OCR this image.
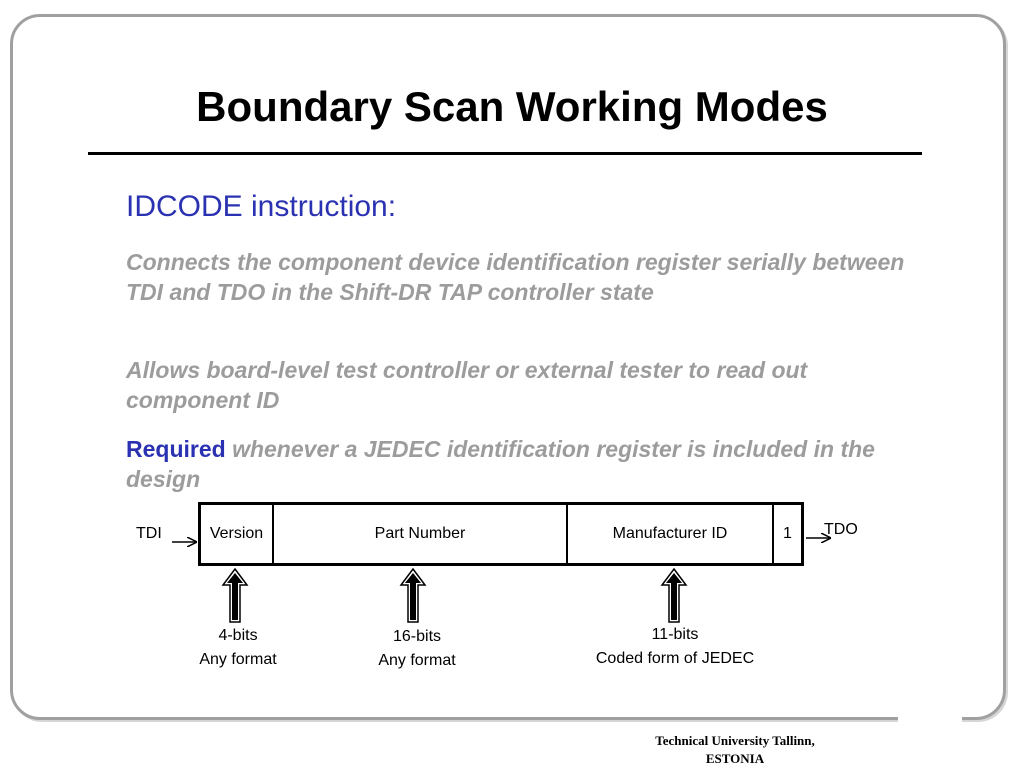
Boundary Scan Working Modes
IDCODE instruction:
Connects the component device identification register serially between TDI and TDO in the Shift-DR TAP controller state
Allows board-level test controller or external tester to read out component ID
Required whenever a JEDEC identification register is included in the design
TDI	TDO
Version	Part Number	Manufacturer ID	1
4-bits
Any format
16-bits
Any format
11-bits
Coded form of JEDEC
Technical University Tallinn,
ESTONIA
